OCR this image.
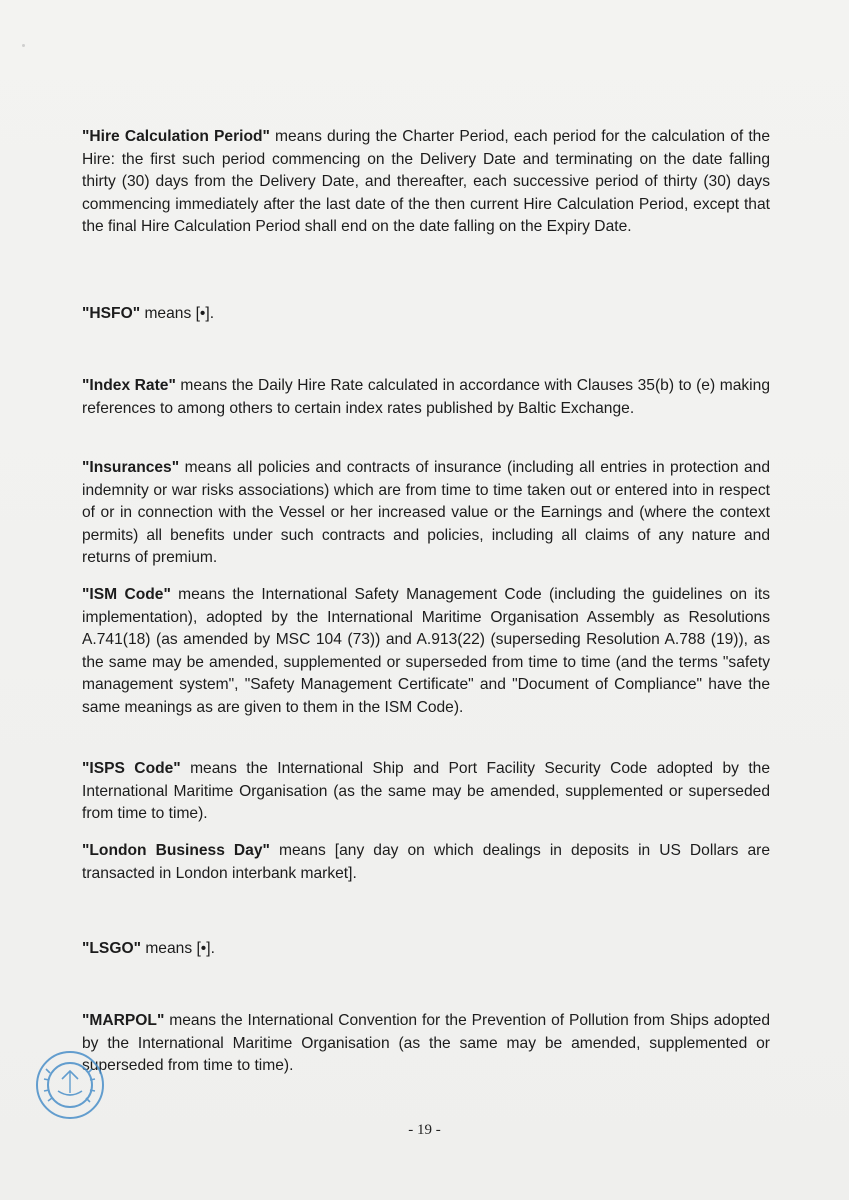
"Hire Calculation Period" means during the Charter Period, each period for the calculation of the Hire: the first such period commencing on the Delivery Date and terminating on the date falling thirty (30) days from the Delivery Date, and thereafter, each successive period of thirty (30) days commencing immediately after the last date of the then current Hire Calculation Period, except that the final Hire Calculation Period shall end on the date falling on the Expiry Date.

"HSFO" means [•].

"Index Rate" means the Daily Hire Rate calculated in accordance with Clauses 35(b) to (e) making references to among others to certain index rates published by Baltic Exchange.

"Insurances" means all policies and contracts of insurance (including all entries in protection and indemnity or war risks associations) which are from time to time taken out or entered into in respect of or in connection with the Vessel or her increased value or the Earnings and (where the context permits) all benefits under such contracts and policies, including all claims of any nature and returns of premium.

"ISM Code" means the International Safety Management Code (including the guidelines on its implementation), adopted by the International Maritime Organisation Assembly as Resolutions A.741(18) (as amended by MSC 104 (73)) and A.913(22) (superseding Resolution A.788 (19)), as the same may be amended, supplemented or superseded from time to time (and the terms "safety management system", "Safety Management Certificate" and "Document of Compliance" have the same meanings as are given to them in the ISM Code).

"ISPS Code" means the International Ship and Port Facility Security Code adopted by the International Maritime Organisation (as the same may be amended, supplemented or superseded from time to time).

"London Business Day" means [any day on which dealings in deposits in US Dollars are transacted in London interbank market].

"LSGO" means [•].

"MARPOL" means the International Convention for the Prevention of Pollution from Ships adopted by the International Maritime Organisation (as the same may be amended, supplemented or superseded from time to time).

- 19 -
